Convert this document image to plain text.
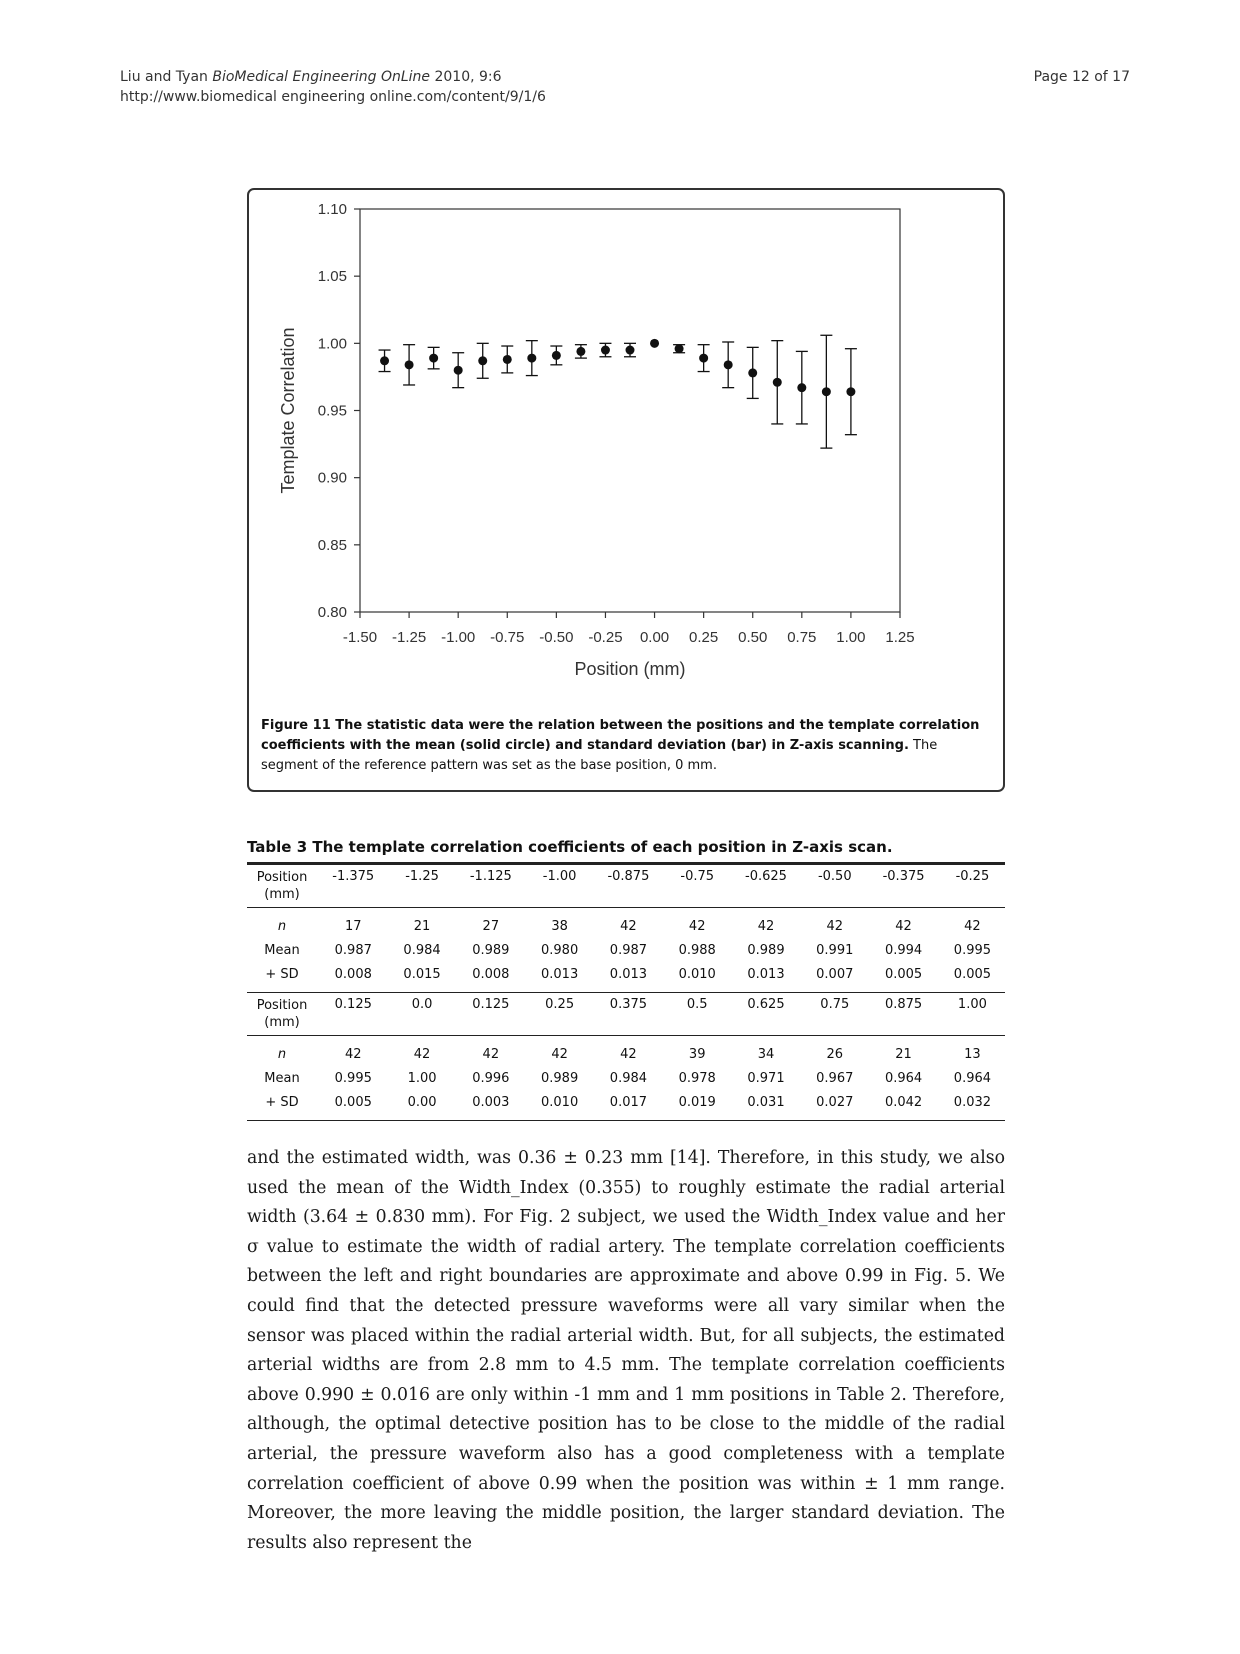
Liu and Tyan BioMedical Engineering OnLine 2010, 9:6
http://www.biomedical engineering online.com/content/9/1/6
Page 12 of 17
0.80
0.85
0.90
0.95
1.00
1.05
1.10
-1.50 -1.25 -1.00 -0.75 -0.50 -0.25 0.00 0.25 0.50 0.75 1.00 1.25
Position (mm)
Template Correlation
Figure 11 The statistic data were the relation between the positions and the template correlation coefficients with the mean (solid circle) and standard deviation (bar) in Z-axis scanning. The segment of the reference pattern was set as the base position, 0 mm.
Table 3 The template correlation coefficients of each position in Z-axis scan.
Position
(mm)	-1.375	-1.25	-1.125	-1.00	-0.875	-0.75	-0.625	-0.50	-0.375	-0.25
n	17	21	27	38	42	42	42	42	42	42
Mean	0.987	0.984	0.989	0.980	0.987	0.988	0.989	0.991	0.994	0.995
+ SD	0.008	0.015	0.008	0.013	0.013	0.010	0.013	0.007	0.005	0.005
Position
(mm)	0.125	0.0	0.125	0.25	0.375	0.5	0.625	0.75	0.875	1.00
n	42	42	42	42	42	39	34	26	21	13
Mean	0.995	1.00	0.996	0.989	0.984	0.978	0.971	0.967	0.964	0.964
+ SD	0.005	0.00	0.003	0.010	0.017	0.019	0.031	0.027	0.042	0.032
and the estimated width, was 0.36 ± 0.23 mm [14]. Therefore, in this study, we also used the mean of the Width_Index (0.355) to roughly estimate the radial arterial width (3.64 ± 0.830 mm). For Fig. 2 subject, we used the Width_Index value and her σ value to estimate the width of radial artery. The template correlation coefficients between the left and right boundaries are approximate and above 0.99 in Fig. 5. We could find that the detected pressure waveforms were all vary similar when the sensor was placed within the radial arterial width. But, for all subjects, the estimated arterial widths are from 2.8 mm to 4.5 mm. The template correlation coefficients above 0.990 ± 0.016 are only within -1 mm and 1 mm positions in Table 2. Therefore, although, the optimal detective position has to be close to the middle of the radial arterial, the pressure waveform also has a good completeness with a template correlation coefficient of above 0.99 when the position was within ± 1 mm range. Moreover, the more leaving the middle position, the larger standard deviation. The results also represent the
